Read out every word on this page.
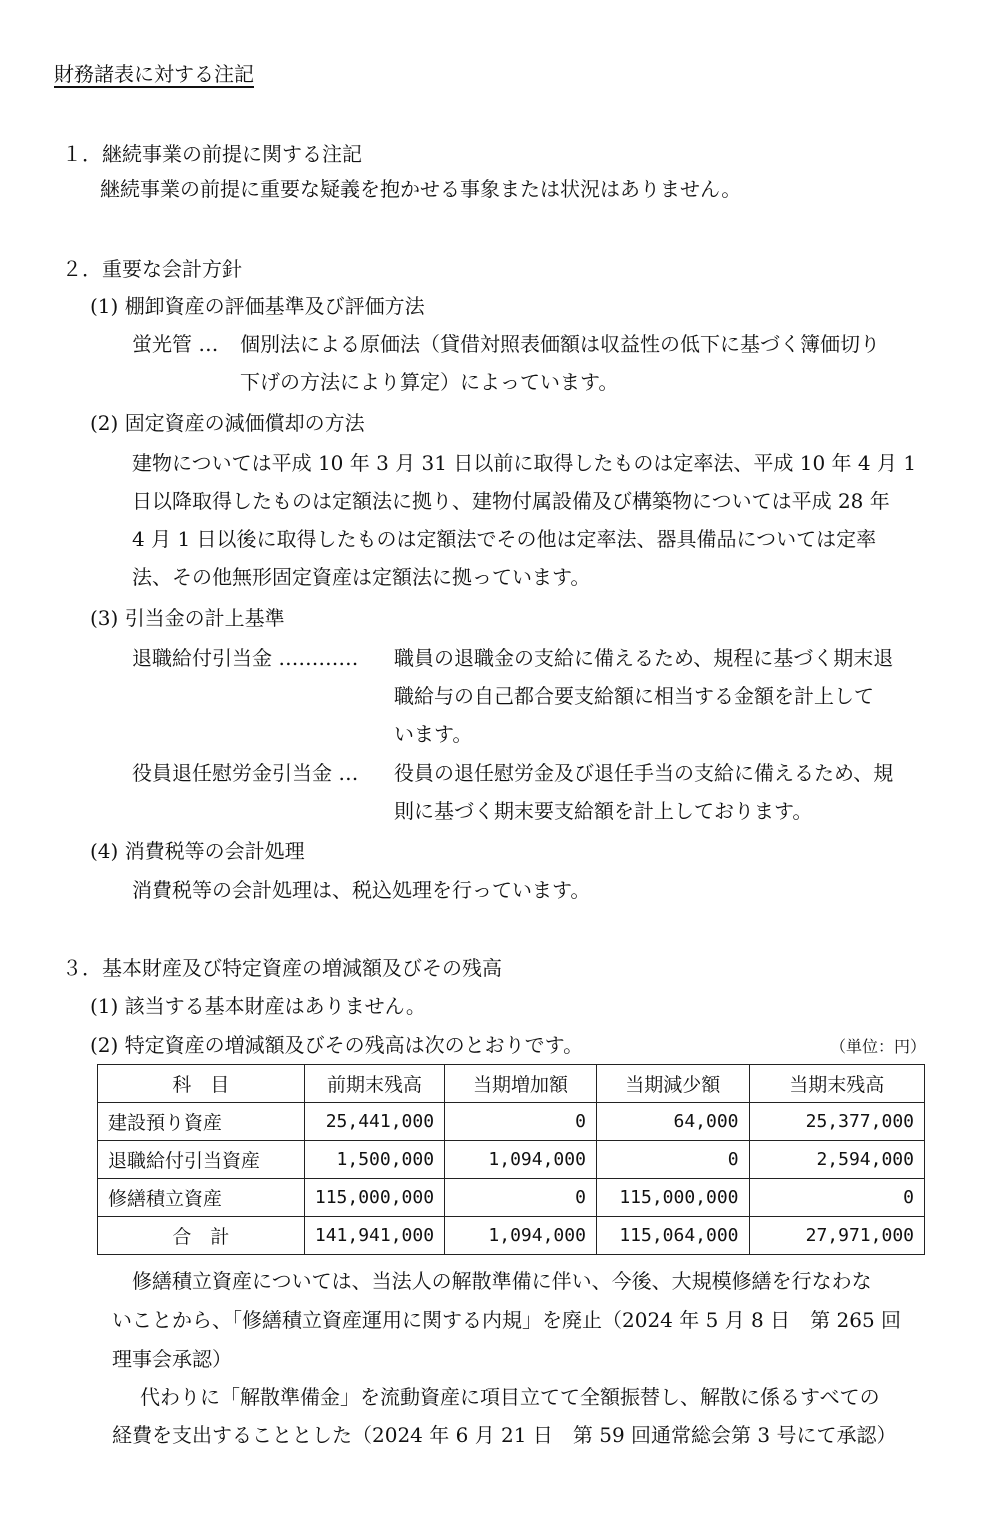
財務諸表に対する注記
１．継続事業の前提に関する注記
継続事業の前提に重要な疑義を抱かせる事象または状況はありません。
２．重要な会計方針
(1) 棚卸資産の評価基準及び評価方法
蛍光管 … 個別法による原価法（貸借対照表価額は収益性の低下に基づく簿価切り
下げの方法により算定）によっています。
(2) 固定資産の減価償却の方法
建物については平成 10 年 3 月 31 日以前に取得したものは定率法、平成 10 年 4 月 1
日以降取得したものは定額法に拠り、建物付属設備及び構築物については平成 28 年
4 月 1 日以後に取得したものは定額法でその他は定率法、器具備品については定率
法、その他無形固定資産は定額法に拠っています。
(3) 引当金の計上基準
退職給付引当金 ………… 職員の退職金の支給に備えるため、規程に基づく期末退
職給与の自己都合要支給額に相当する金額を計上して
います。
役員退任慰労金引当金 … 役員の退任慰労金及び退任手当の支給に備えるため、規
則に基づく期末要支給額を計上しております。
(4) 消費税等の会計処理
消費税等の会計処理は、税込処理を行っています。
３．基本財産及び特定資産の増減額及びその残高
(1) 該当する基本財産はありません。
(2) 特定資産の増減額及びその残高は次のとおりです。	（単位：円）
科　目	前期末残高	当期増加額	当期減少額	当期末残高
建設預り資産	25,441,000	0	64,000	25,377,000
退職給付引当資産	1,500,000	1,094,000	0	2,594,000
修繕積立資産	115,000,000	0	115,000,000	0
合　計	141,941,000	1,094,000	115,064,000	27,971,000
修繕積立資産については、当法人の解散準備に伴い、今後、大規模修繕を行なわな
いことから、「修繕積立資産運用に関する内規」を廃止（2024 年 5 月 8 日　第 265 回
理事会承認）
代わりに「解散準備金」を流動資産に項目立てて全額振替し、解散に係るすべての
経費を支出することとした（2024 年 6 月 21 日　第 59 回通常総会第 3 号にて承認）
